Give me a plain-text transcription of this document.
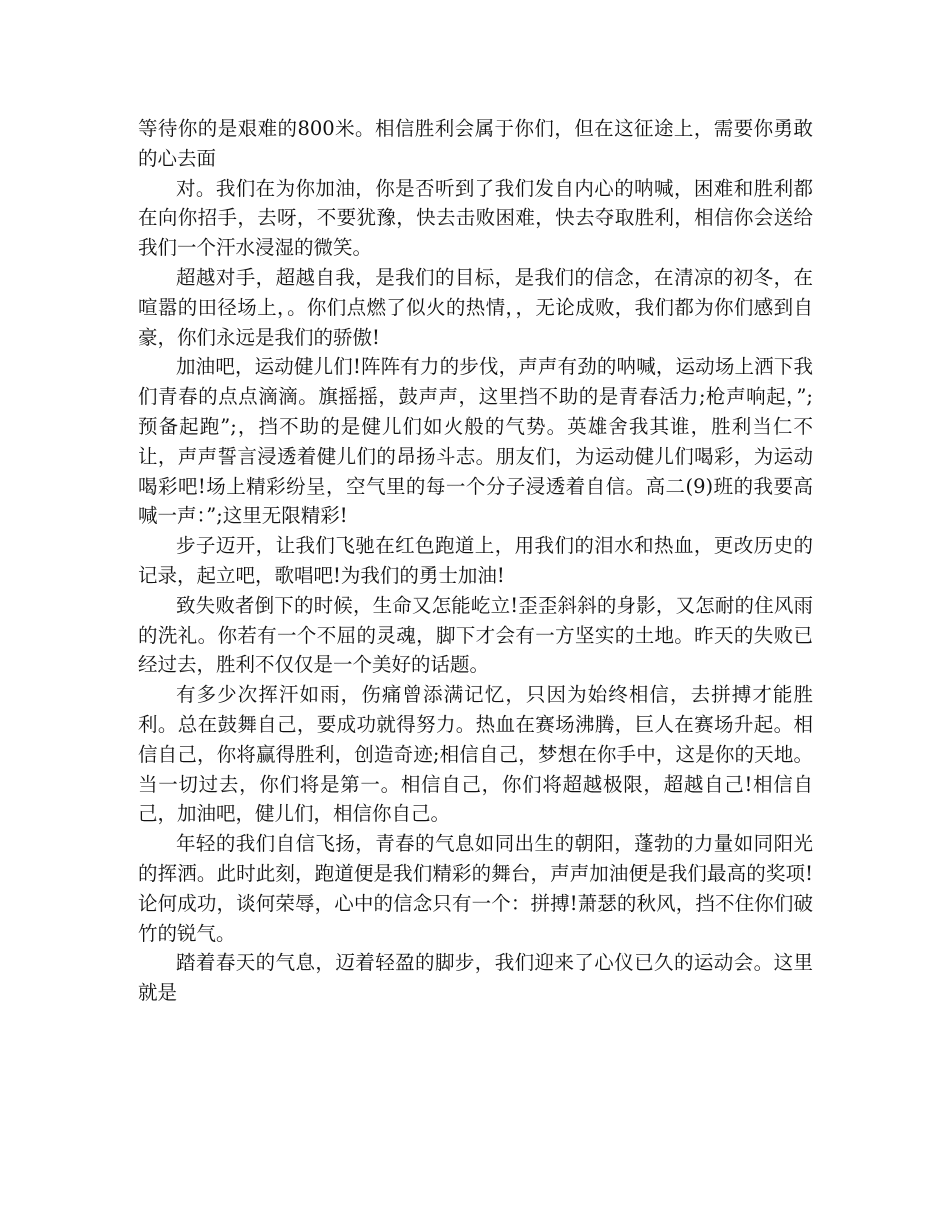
等待你的是艰难的800米。相信胜利会属于你们，但在这征途上，需要你勇敢的心去面

对。我们在为你加油，你是否听到了我们发自内心的呐喊，困难和胜利都在向你招手，去呀，不要犹豫，快去击败困难，快去夺取胜利，相信你会送给我们一个汗水浸湿的微笑。

超越对手，超越自我，是我们的目标，是我们的信念，在清凉的初冬，在喧嚣的田径场上，。你们点燃了似火的热情，，无论成败，我们都为你们感到自豪，你们永远是我们的骄傲!

加油吧，运动健儿们!阵阵有力的步伐，声声有劲的呐喊，运动场上洒下我们青春的点点滴滴。旗摇摇，鼓声声，这里挡不助的是青春活力;枪声响起，”;预备起跑”;，挡不助的是健儿们如火般的气势。英雄舍我其谁，胜利当仁不让，声声誓言浸透着健儿们的昂扬斗志。朋友们，为运动健儿们喝彩，为运动喝彩吧!场上精彩纷呈，空气里的每一个分子浸透着自信。高二(9)班的我要高喊一声：”;这里无限精彩!

步子迈开，让我们飞驰在红色跑道上，用我们的泪水和热血，更改历史的记录，起立吧，歌唱吧!为我们的勇士加油!

致失败者倒下的时候，生命又怎能屹立!歪歪斜斜的身影，又怎耐的住风雨的洗礼。你若有一个不屈的灵魂，脚下才会有一方坚实的土地。昨天的失败已经过去，胜利不仅仅是一个美好的话题。

有多少次挥汗如雨，伤痛曾添满记忆，只因为始终相信，去拼搏才能胜利。总在鼓舞自己，要成功就得努力。热血在赛场沸腾，巨人在赛场升起。相信自己，你将赢得胜利，创造奇迹;相信自己，梦想在你手中，这是你的天地。当一切过去，你们将是第一。相信自己，你们将超越极限，超越自己!相信自己，加油吧，健儿们，相信你自己。

年轻的我们自信飞扬，青春的气息如同出生的朝阳，蓬勃的力量如同阳光的挥洒。此时此刻，跑道便是我们精彩的舞台，声声加油便是我们最高的奖项!论何成功，谈何荣辱，心中的信念只有一个：拼搏!萧瑟的秋风，挡不住你们破竹的锐气。

踏着春天的气息，迈着轻盈的脚步，我们迎来了心仪已久的运动会。这里就是
